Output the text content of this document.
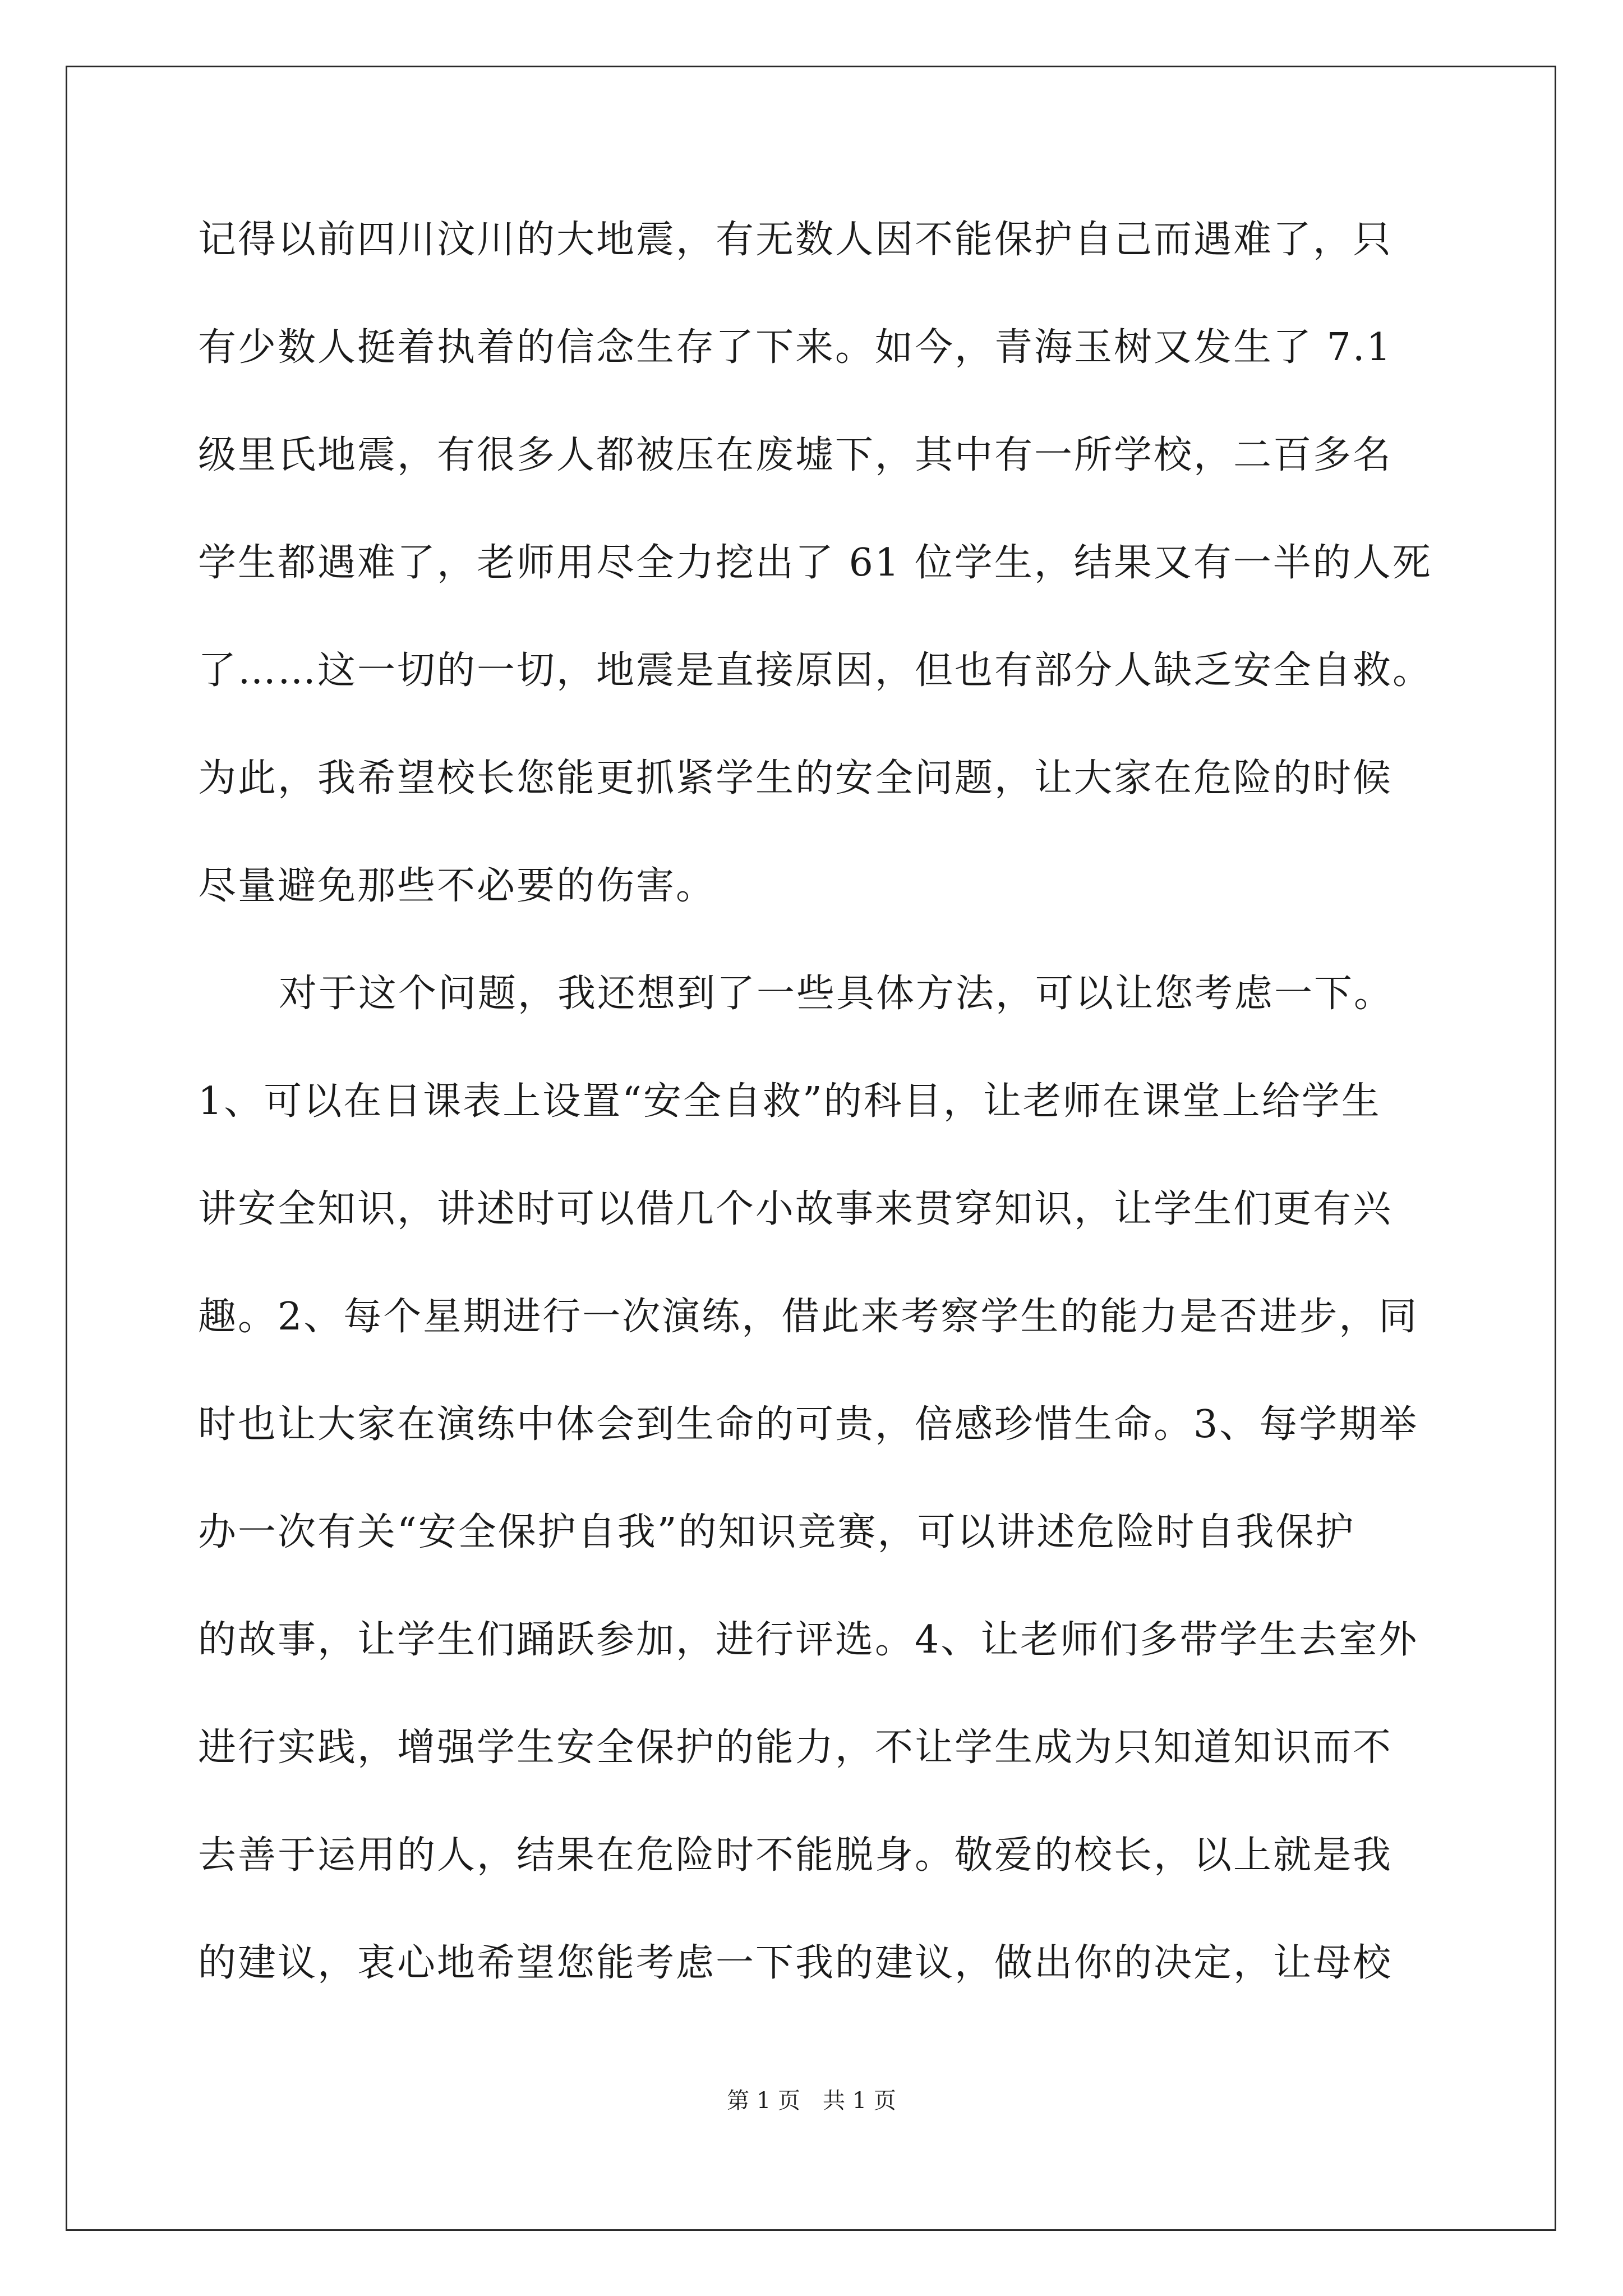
记得以前四川汶川的大地震，有无数人因不能保护自己而遇难了，只
有少数人挺着执着的信念生存了下来。如今，青海玉树又发生了 7.1
级里氏地震，有很多人都被压在废墟下，其中有一所学校，二百多名
学生都遇难了，老师用尽全力挖出了 61 位学生，结果又有一半的人死
了……这一切的一切，地震是直接原因，但也有部分人缺乏安全自救。
为此，我希望校长您能更抓紧学生的安全问题，让大家在危险的时候
尽量避免那些不必要的伤害。
对于这个问题，我还想到了一些具体方法，可以让您考虑一下。
1、可以在日课表上设置“安全自救”的科目，让老师在课堂上给学生
讲安全知识，讲述时可以借几个小故事来贯穿知识，让学生们更有兴
趣。2、每个星期进行一次演练，借此来考察学生的能力是否进步，同
时也让大家在演练中体会到生命的可贵，倍感珍惜生命。3、每学期举
办一次有关“安全保护自我”的知识竞赛，可以讲述危险时自我保护
的故事，让学生们踊跃参加，进行评选。4、让老师们多带学生去室外
进行实践，增强学生安全保护的能力，不让学生成为只知道知识而不
去善于运用的人，结果在危险时不能脱身。敬爱的校长，以上就是我
的建议，衷心地希望您能考虑一下我的建议，做出你的决定，让母校
第 1 页 共 1 页
